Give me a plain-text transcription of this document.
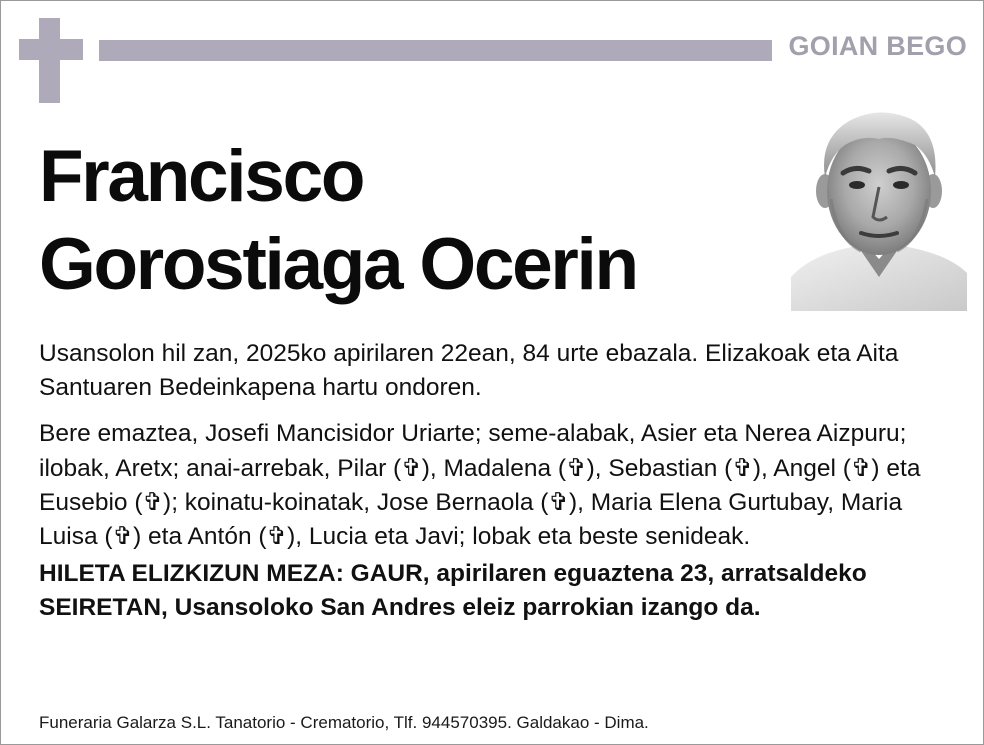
GOIAN BEGO
Francisco
Gorostiaga Ocerin

Usansolon hil zan, 2025ko apirilaren 22ean, 84 urte ebazala. Elizakoak eta Aita Santuaren Bedeinkapena hartu ondoren.

Bere emaztea, Josefi Mancisidor Uriarte; seme-alabak, Asier eta Nerea Aizpuru; ilobak, Aretx; anai-arrebak, Pilar (✞), Madalena (✞), Sebastian (✞), Angel (✞) eta Eusebio (✞); koinatu-koinatak, Jose Bernaola (✞), Maria Elena Gurtubay, Maria Luisa (✞) eta Antón (✞), Lucia eta Javi; lobak eta beste senideak.

HILETA ELIZKIZUN MEZA: GAUR, apirilaren eguaztena 23, arratsaldeko SEIRETAN, Usansoloko San Andres eleiz parrokian izango da.

Funeraria Galarza S.L. Tanatorio - Crematorio, Tlf. 944570395. Galdakao - Dima.
